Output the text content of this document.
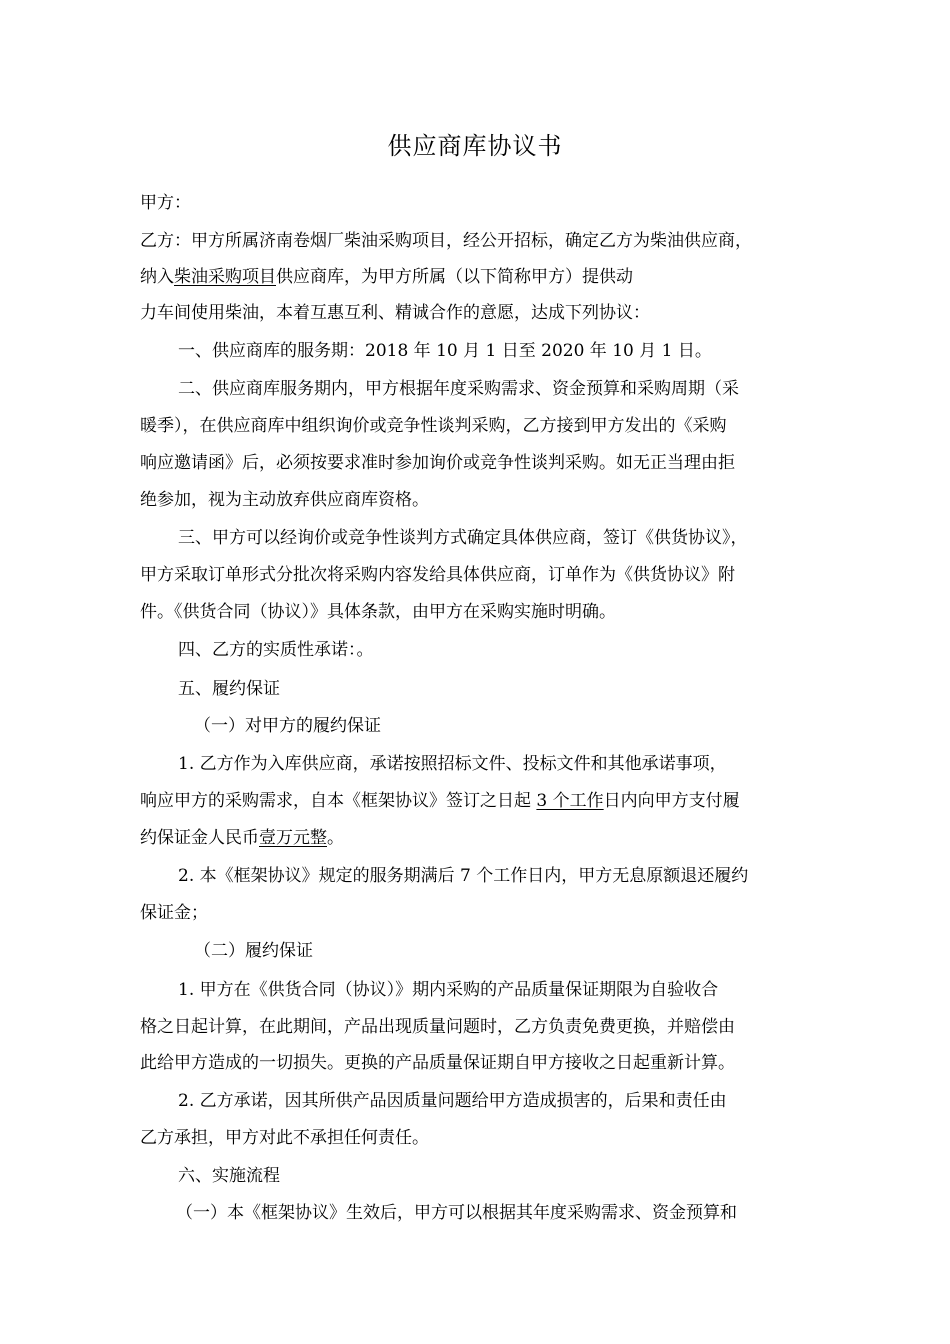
供应商库协议书
甲方：
乙方：甲方所属济南卷烟厂柴油采购项目，经公开招标，确定乙方为柴油供应商，
纳入柴油采购项目供应商库，为甲方所属（以下简称甲方）提供动
力车间使用柴油，本着互惠互利、精诚合作的意愿，达成下列协议：
一、供应商库的服务期：2018 年 10 月 1 日至 2020 年 10 月 1 日。
二、供应商库服务期内，甲方根据年度采购需求、资金预算和采购周期（采
暖季），在供应商库中组织询价或竞争性谈判采购，乙方接到甲方发出的《采购
响应邀请函》后，必须按要求准时参加询价或竞争性谈判采购。如无正当理由拒
绝参加，视为主动放弃供应商库资格。
三、甲方可以经询价或竞争性谈判方式确定具体供应商，签订《供货协议》，
甲方采取订单形式分批次将采购内容发给具体供应商，订单作为《供货协议》附
件。《供货合同（协议）》具体条款，由甲方在采购实施时明确。
四、乙方的实质性承诺：。
五、履约保证
（一）对甲方的履约保证
1. 乙方作为入库供应商，承诺按照招标文件、投标文件和其他承诺事项，
响应甲方的采购需求，自本《框架协议》签订之日起 3 个工作日内向甲方支付履
约保证金人民币壹万元整。
2. 本《框架协议》规定的服务期满后 7 个工作日内，甲方无息原额退还履约
保证金；
（二）履约保证
1. 甲方在《供货合同（协议）》期内采购的产品质量保证期限为自验收合
格之日起计算，在此期间，产品出现质量问题时，乙方负责免费更换，并赔偿由
此给甲方造成的一切损失。更换的产品质量保证期自甲方接收之日起重新计算。
2. 乙方承诺，因其所供产品因质量问题给甲方造成损害的，后果和责任由
乙方承担，甲方对此不承担任何责任。
六、实施流程
（一）本《框架协议》生效后，甲方可以根据其年度采购需求、资金预算和
